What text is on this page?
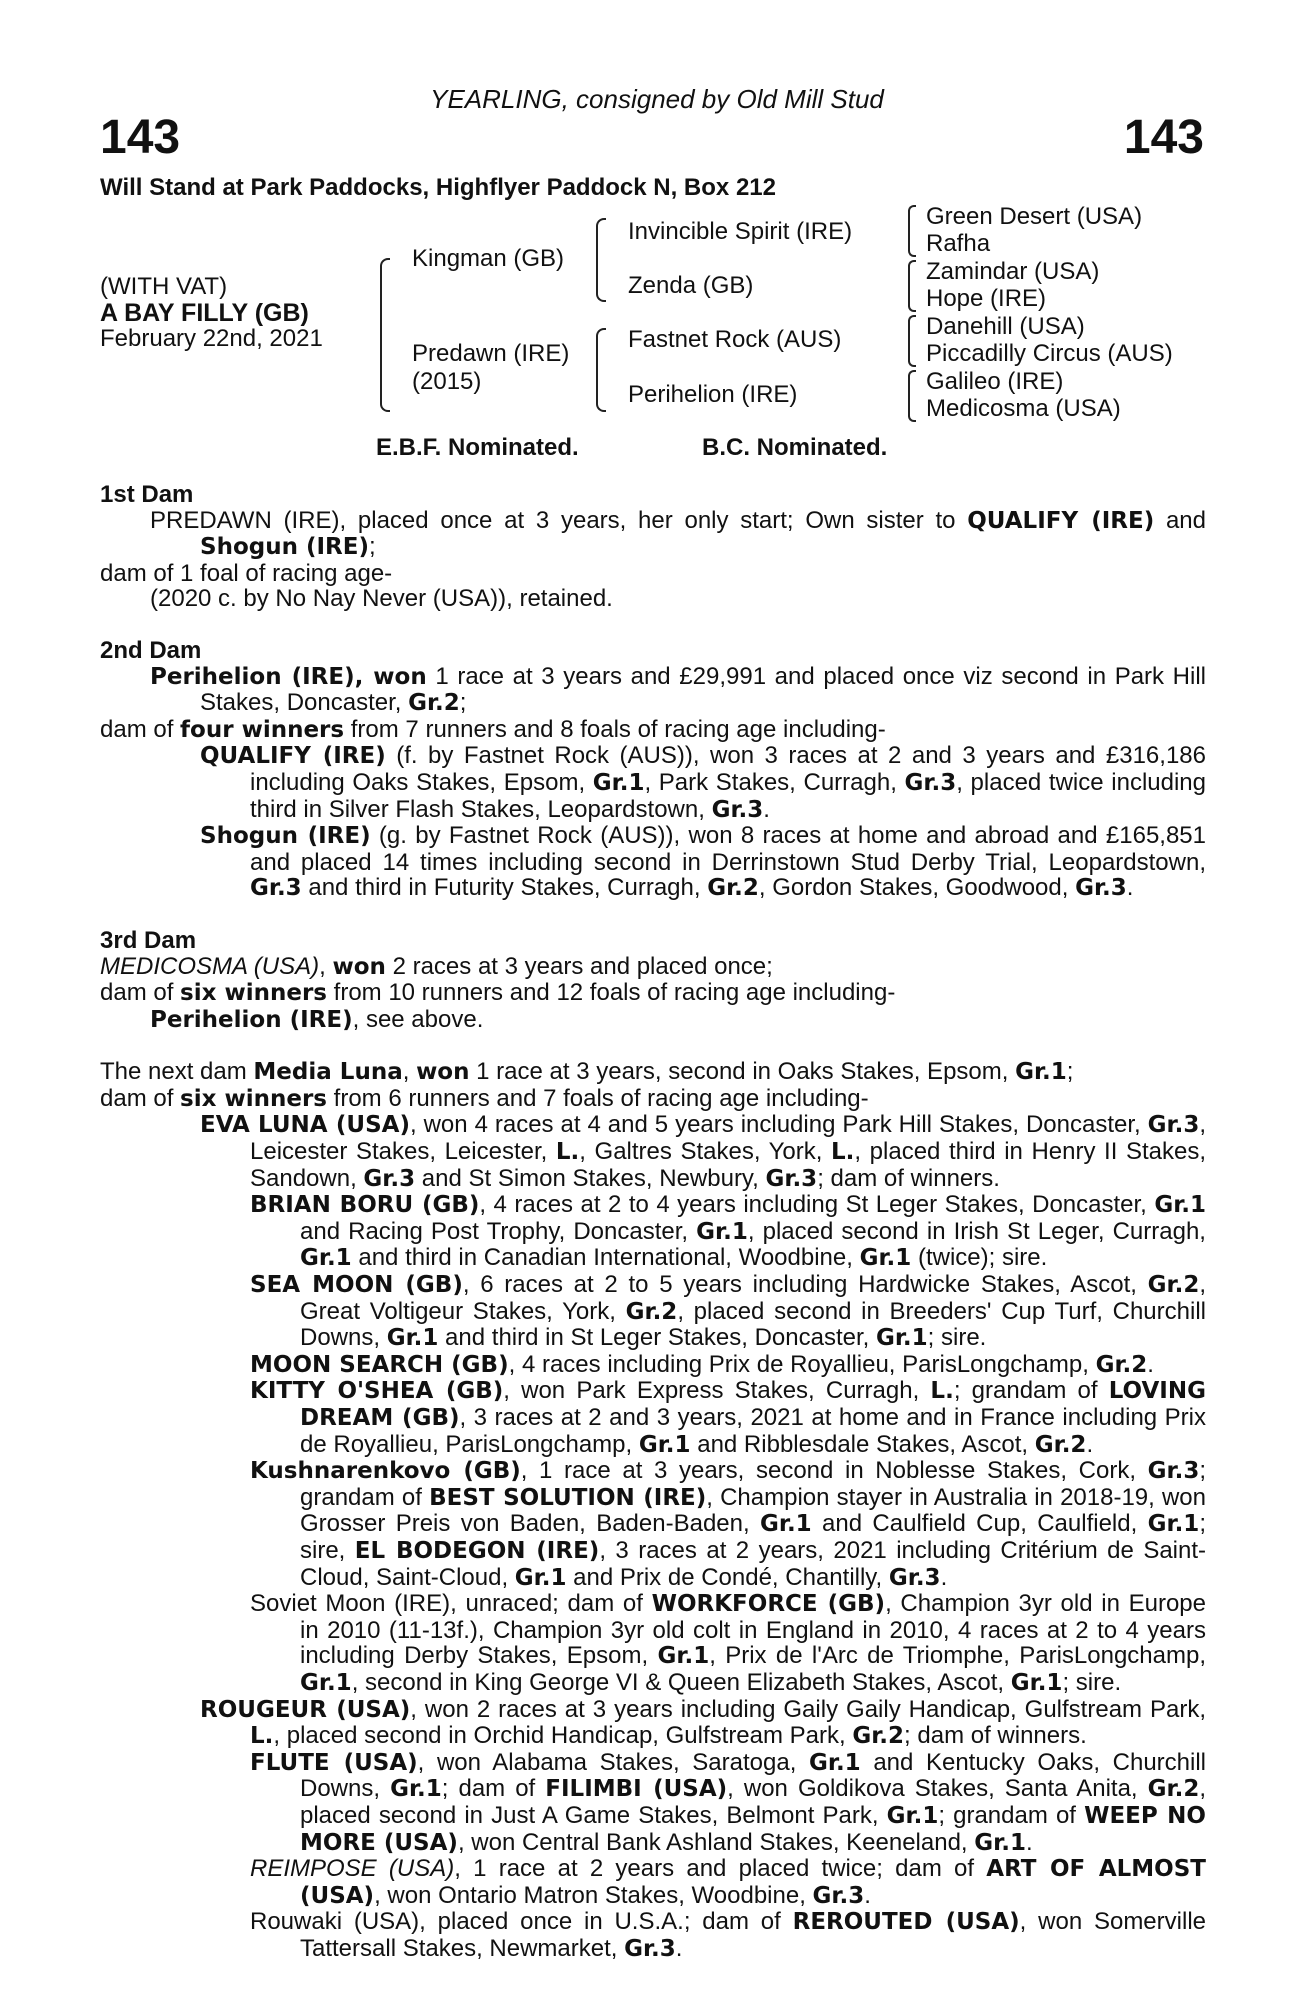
YEARLING, consigned by Old Mill Stud
143	143
Will Stand at Park Paddocks, Highflyer Paddock N, Box 212
(WITH VAT)
A BAY FILLY (GB)
February 22nd, 2021
Kingman (GB)
Predawn (IRE)
(2015)
Invincible Spirit (IRE)
Zenda (GB)
Fastnet Rock (AUS)
Perihelion (IRE)
Green Desert (USA)
Rafha
Zamindar (USA)
Hope (IRE)
Danehill (USA)
Piccadilly Circus (AUS)
Galileo (IRE)
Medicosma (USA)
E.B.F. Nominated.	B.C. Nominated.
1st Dam

PREDAWN (IRE), placed once at 3 years, her only start; Own sister to QUALIFY (IRE) and Shogun (IRE);

dam of 1 foal of racing age-

(2020 c. by No Nay Never (USA)), retained.

2nd Dam

Perihelion (IRE), won 1 race at 3 years and £29,991 and placed once viz second in Park Hill Stakes, Doncaster, Gr.2;

dam of four winners from 7 runners and 8 foals of racing age including-

QUALIFY (IRE) (f. by Fastnet Rock (AUS)), won 3 races at 2 and 3 years and £316,186 including Oaks Stakes, Epsom, Gr.1, Park Stakes, Curragh, Gr.3, placed twice including third in Silver Flash Stakes, Leopardstown, Gr.3.

Shogun (IRE) (g. by Fastnet Rock (AUS)), won 8 races at home and abroad and £165,851 and placed 14 times including second in Derrinstown Stud Derby Trial, Leopardstown, Gr.3 and third in Futurity Stakes, Curragh, Gr.2, Gordon Stakes, Goodwood, Gr.3.

3rd Dam

MEDICOSMA (USA), won 2 races at 3 years and placed once;

dam of six winners from 10 runners and 12 foals of racing age including-

Perihelion (IRE), see above.

The next dam Media Luna, won 1 race at 3 years, second in Oaks Stakes, Epsom, Gr.1;

dam of six winners from 6 runners and 7 foals of racing age including-

EVA LUNA (USA), won 4 races at 4 and 5 years including Park Hill Stakes, Doncaster, Gr.3, Leicester Stakes, Leicester, L., Galtres Stakes, York, L., placed third in Henry II Stakes, Sandown, Gr.3 and St Simon Stakes, Newbury, Gr.3; dam of winners.

BRIAN BORU (GB), 4 races at 2 to 4 years including St Leger Stakes, Doncaster, Gr.1 and Racing Post Trophy, Doncaster, Gr.1, placed second in Irish St Leger, Curragh, Gr.1 and third in Canadian International, Woodbine, Gr.1 (twice); sire.

SEA MOON (GB), 6 races at 2 to 5 years including Hardwicke Stakes, Ascot, Gr.2, Great Voltigeur Stakes, York, Gr.2, placed second in Breeders' Cup Turf, Churchill Downs, Gr.1 and third in St Leger Stakes, Doncaster, Gr.1; sire.

MOON SEARCH (GB), 4 races including Prix de Royallieu, ParisLongchamp, Gr.2.

KITTY O'SHEA (GB), won Park Express Stakes, Curragh, L.; grandam of LOVING DREAM (GB), 3 races at 2 and 3 years, 2021 at home and in France including Prix de Royallieu, ParisLongchamp, Gr.1 and Ribblesdale Stakes, Ascot, Gr.2.

Kushnarenkovo (GB), 1 race at 3 years, second in Noblesse Stakes, Cork, Gr.3; grandam of BEST SOLUTION (IRE), Champion stayer in Australia in 2018-19, won Grosser Preis von Baden, Baden-Baden, Gr.1 and Caulfield Cup, Caulfield, Gr.1; sire, EL BODEGON (IRE), 3 races at 2 years, 2021 including Critérium de Saint-Cloud, Saint-Cloud, Gr.1 and Prix de Condé, Chantilly, Gr.3.

Soviet Moon (IRE), unraced; dam of WORKFORCE (GB), Champion 3yr old in Europe in 2010 (11-13f.), Champion 3yr old colt in England in 2010, 4 races at 2 to 4 years including Derby Stakes, Epsom, Gr.1, Prix de l'Arc de Triomphe, ParisLongchamp, Gr.1, second in King George VI & Queen Elizabeth Stakes, Ascot, Gr.1; sire.

ROUGEUR (USA), won 2 races at 3 years including Gaily Gaily Handicap, Gulfstream Park, L., placed second in Orchid Handicap, Gulfstream Park, Gr.2; dam of winners.

FLUTE (USA), won Alabama Stakes, Saratoga, Gr.1 and Kentucky Oaks, Churchill Downs, Gr.1; dam of FILIMBI (USA), won Goldikova Stakes, Santa Anita, Gr.2, placed second in Just A Game Stakes, Belmont Park, Gr.1; grandam of WEEP NO MORE (USA), won Central Bank Ashland Stakes, Keeneland, Gr.1.

REIMPOSE (USA), 1 race at 2 years and placed twice; dam of ART OF ALMOST (USA), won Ontario Matron Stakes, Woodbine, Gr.3.

Rouwaki (USA), placed once in U.S.A.; dam of REROUTED (USA), won Somerville Tattersall Stakes, Newmarket, Gr.3.
